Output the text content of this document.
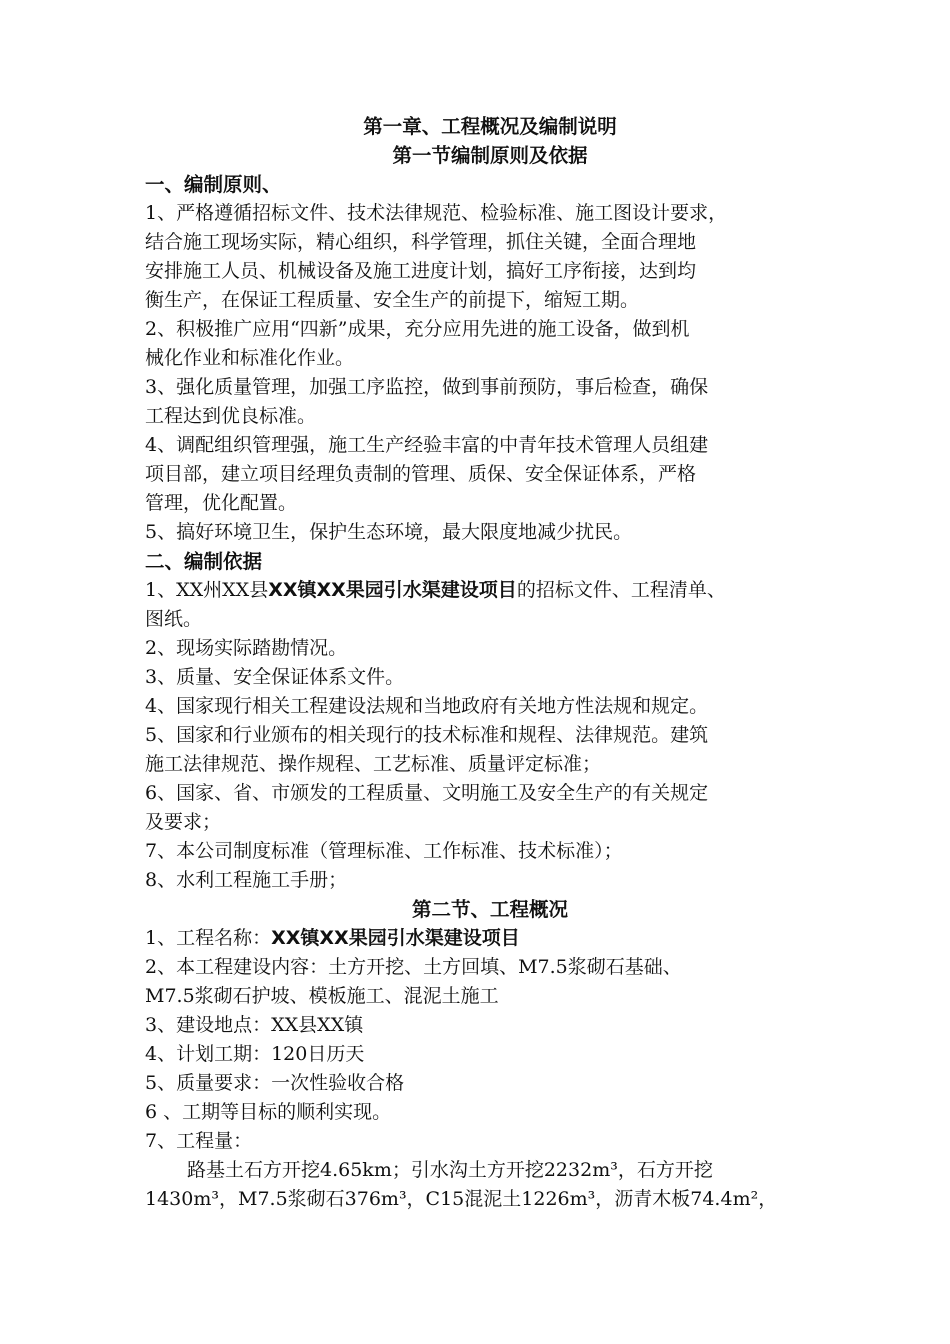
第一章、工程概况及编制说明
第一节编制原则及依据
一、编制原则、
1、严格遵循招标文件、技术法律规范、检验标准、施工图设计要求，
结合施工现场实际，精心组织，科学管理，抓住关键，全面合理地
安排施工人员、机械设备及施工进度计划，搞好工序衔接，达到均
衡生产，在保证工程质量、安全生产的前提下，缩短工期。
2、积极推广应用“四新”成果，充分应用先进的施工设备，做到机
械化作业和标准化作业。
3、强化质量管理，加强工序监控，做到事前预防，事后检查，确保
工程达到优良标准。
4、调配组织管理强，施工生产经验丰富的中青年技术管理人员组建
项目部，建立项目经理负责制的管理、质保、安全保证体系，严格
管理，优化配置。
5、搞好环境卫生，保护生态环境，最大限度地减少扰民。
二、编制依据
1、XX州XX县XX镇XX果园引水渠建设项目的招标文件、工程清单、
图纸。
2、现场实际踏勘情况。
3、质量、安全保证体系文件。
4、国家现行相关工程建设法规和当地政府有关地方性法规和规定。
5、国家和行业颁布的相关现行的技术标准和规程、法律规范。建筑
施工法律规范、操作规程、工艺标准、质量评定标准；
6、国家、省、市颁发的工程质量、文明施工及安全生产的有关规定
及要求；
7、本公司制度标准（管理标准、工作标准、技术标准）；
8、水利工程施工手册；
第二节、工程概况
1、工程名称：XX镇XX果园引水渠建设项目
2、本工程建设内容：土方开挖、土方回填、M7.5浆砌石基础、
M7.5浆砌石护坡、模板施工、混泥土施工
3、建设地点：XX县XX镇
4、计划工期：120日历天
5、质量要求：一次性验收合格
6 、工期等目标的顺利实现。
7、工程量：
路基土石方开挖4.65km；引水沟土方开挖2232m³，石方开挖
1430m³，M7.5浆砌石376m³，C15混泥土1226m³，沥青木板74.4m²，
